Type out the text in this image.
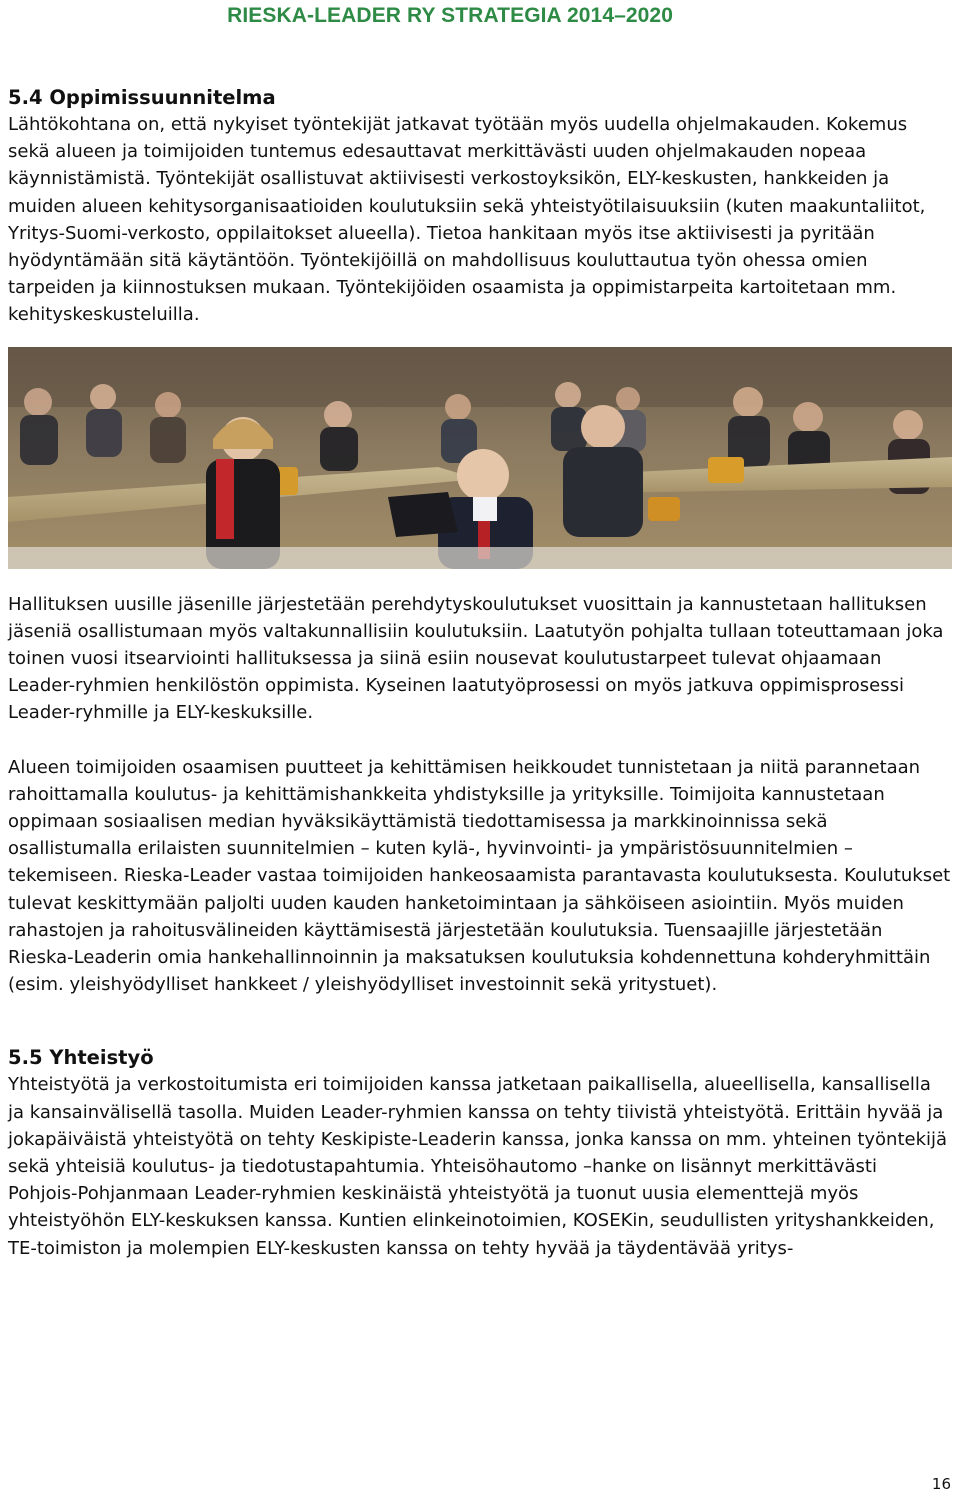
RIESKA-LEADER RY STRATEGIA 2014–2020
5.4 Oppimissuunnitelma

Lähtökohtana on, että nykyiset työntekijät jatkavat työtään myös uudella ohjelmakauden. Kokemus sekä alueen ja toimijoiden tuntemus edesauttavat merkittävästi uuden ohjelmakauden nopeaa käynnistämistä. Työntekijät osallistuvat aktiivisesti verkostoyksikön, ELY-keskusten, hankkeiden ja muiden alueen kehitysorganisaatioiden koulutuksiin sekä yhteistyötilaisuuksiin (kuten maakuntaliitot, Yritys-Suomi-verkosto, oppilaitokset alueella). Tietoa hankitaan myös itse aktiivisesti ja pyritään hyödyntämään sitä käytäntöön. Työntekijöillä on mahdollisuus kouluttautua työn ohessa omien tarpeiden ja kiinnostuksen mukaan. Työntekijöiden osaamista ja oppimistarpeita kartoitetaan mm. kehityskeskusteluilla.

Hallituksen uusille jäsenille järjestetään perehdytyskoulutukset vuosittain ja kannustetaan hallituksen jäseniä osallistumaan myös valtakunnallisiin koulutuksiin. Laatutyön pohjalta tullaan toteuttamaan joka toinen vuosi itsearviointi hallituksessa ja siinä esiin nousevat koulutustarpeet tulevat ohjaamaan Leader-ryhmien henkilöstön oppimista. Kyseinen laatutyöprosessi on myös jatkuva oppimisprosessi Leader-ryhmille ja ELY-keskuksille.

Alueen toimijoiden osaamisen puutteet ja kehittämisen heikkoudet tunnistetaan ja niitä parannetaan rahoittamalla koulutus- ja kehittämishankkeita yhdistyksille ja yrityksille. Toimijoita kannustetaan oppimaan sosiaalisen median hyväksikäyttämistä tiedottamisessa ja markkinoinnissa sekä osallistumalla erilaisten suunnitelmien – kuten kylä-, hyvinvointi- ja ympäristösuunnitelmien – tekemiseen. Rieska-Leader vastaa toimijoiden hankeosaamista parantavasta koulutuksesta. Koulutukset tulevat keskittymään paljolti uuden kauden hanketoimintaan ja sähköiseen asiointiin. Myös muiden rahastojen ja rahoitusvälineiden käyttämisestä järjestetään koulutuksia. Tuensaajille järjestetään Rieska-Leaderin omia hankehallinnoinnin ja maksatuksen koulutuksia kohdennettuna kohderyhmittäin (esim. yleishyödylliset hankkeet / yleishyödylliset investoinnit sekä yritystuet).

5.5 Yhteistyö

Yhteistyötä ja verkostoitumista eri toimijoiden kanssa jatketaan paikallisella, alueellisella, kansallisella ja kansainvälisellä tasolla. Muiden Leader-ryhmien kanssa on tehty tiivistä yhteistyötä. Erittäin hyvää ja jokapäiväistä yhteistyötä on tehty Keskipiste-Leaderin kanssa, jonka kanssa on mm. yhteinen työntekijä sekä yhteisiä koulutus- ja tiedotustapahtumia. Yhteisöhautomo –hanke on lisännyt merkittävästi Pohjois-Pohjanmaan Leader-ryhmien keskinäistä yhteistyötä ja tuonut uusia elementtejä myös yhteistyöhön ELY-keskuksen kanssa. Kuntien elinkeinotoimien, KOSEKin, seudullisten yrityshankkeiden, TE-toimiston ja molempien ELY-keskusten kanssa on tehty hyvää ja täydentävää yritys-

16
